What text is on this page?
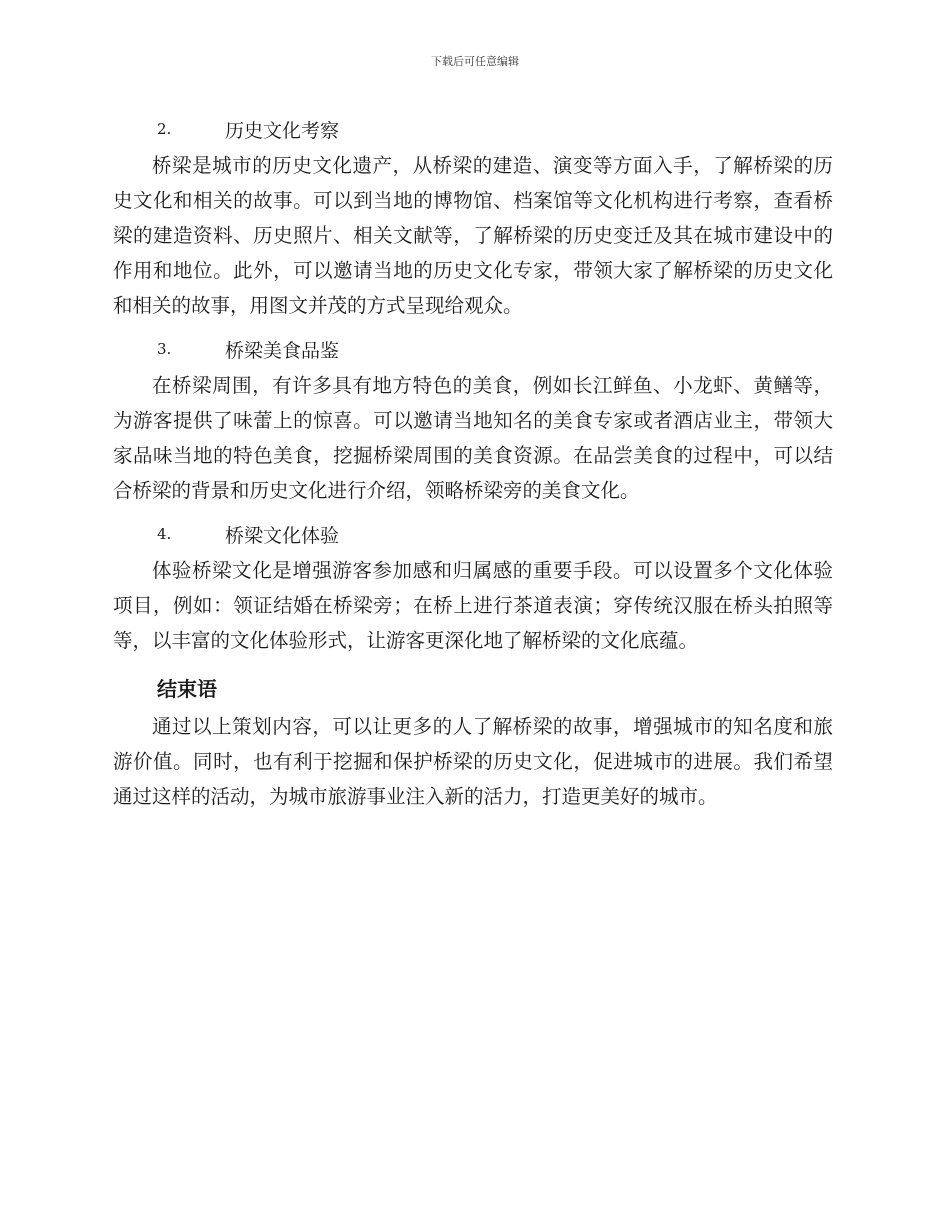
下载后可任意编辑
2.	历史文化考察

桥梁是城市的历史文化遗产，从桥梁的建造、演变等方面入手，了解桥梁的历史文化和相关的故事。可以到当地的博物馆、档案馆等文化机构进行考察，查看桥梁的建造资料、历史照片、相关文献等，了解桥梁的历史变迁及其在城市建设中的作用和地位。此外，可以邀请当地的历史文化专家，带领大家了解桥梁的历史文化和相关的故事，用图文并茂的方式呈现给观众。

3.	桥梁美食品鉴

在桥梁周围，有许多具有地方特色的美食，例如长江鲜鱼、小龙虾、黄鳝等，为游客提供了味蕾上的惊喜。可以邀请当地知名的美食专家或者酒店业主，带领大家品味当地的特色美食，挖掘桥梁周围的美食资源。在品尝美食的过程中，可以结合桥梁的背景和历史文化进行介绍，领略桥梁旁的美食文化。

4.	桥梁文化体验

体验桥梁文化是增强游客参加感和归属感的重要手段。可以设置多个文化体验项目，例如：领证结婚在桥梁旁；在桥上进行茶道表演；穿传统汉服在桥头拍照等等，以丰富的文化体验形式，让游客更深化地了解桥梁的文化底蕴。

结束语

通过以上策划内容，可以让更多的人了解桥梁的故事，增强城市的知名度和旅游价值。同时，也有利于挖掘和保护桥梁的历史文化，促进城市的进展。我们希望通过这样的活动，为城市旅游事业注入新的活力，打造更美好的城市。
